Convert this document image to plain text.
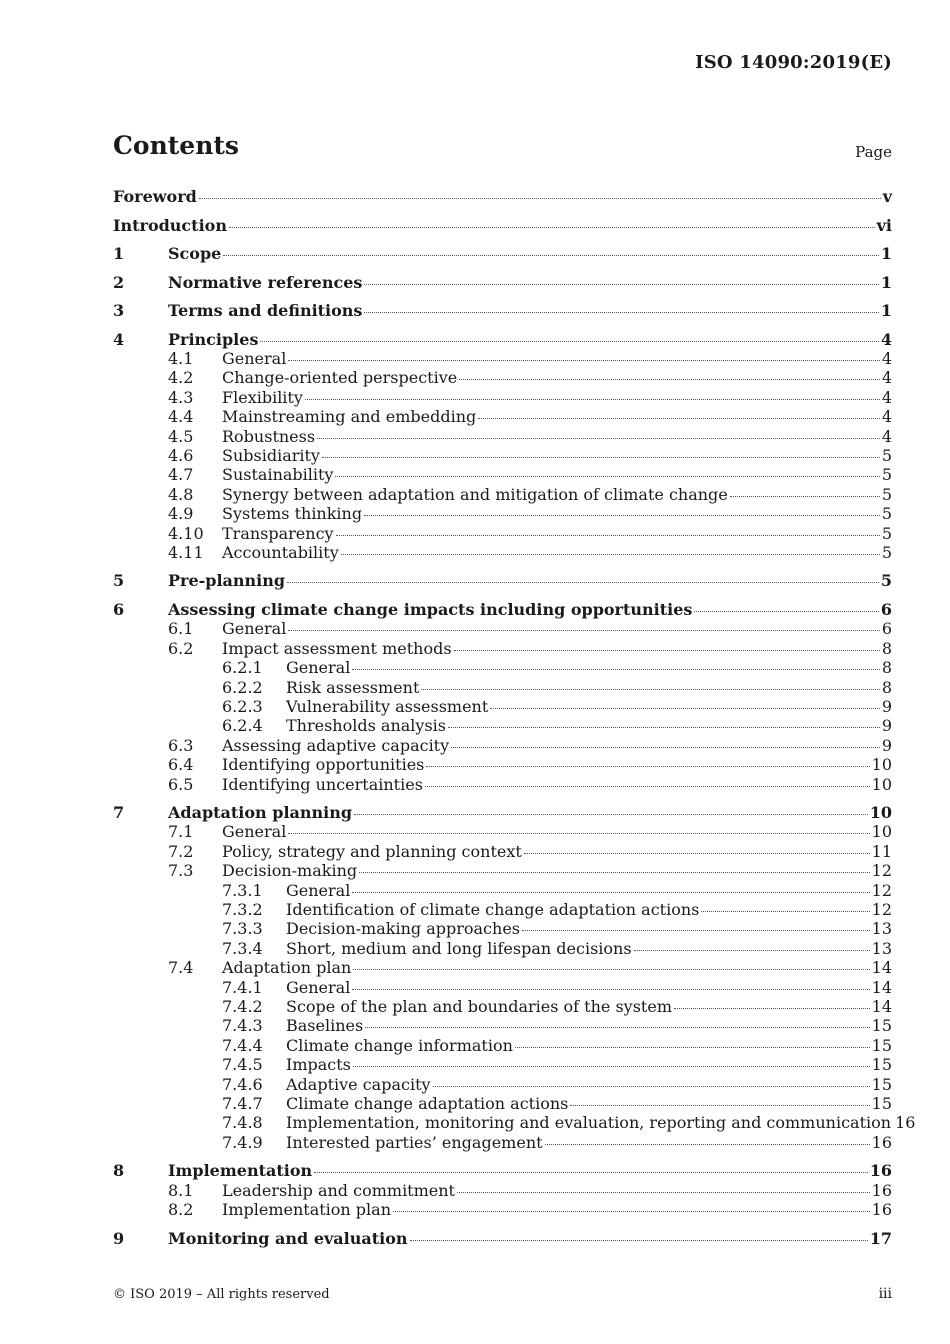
ISO 14090:2019(E)
Contents	Page
Foreword	v
Introduction	vi
1	Scope	1
2	Normative references	1
3	Terms and definitions	1
4	Principles	4
4.1 General	4
4.2 Change-oriented perspective	4
4.3 Flexibility	4
4.4 Mainstreaming and embedding	4
4.5 Robustness	4
4.6 Subsidiarity	5
4.7 Sustainability	5
4.8 Synergy between adaptation and mitigation of climate change	5
4.9 Systems thinking	5
4.10 Transparency	5
4.11 Accountability	5
5	Pre-planning	5
6	Assessing climate change impacts including opportunities	6
6.1 General	6
6.2 Impact assessment methods	8
6.2.1 General	8
6.2.2 Risk assessment	8
6.2.3 Vulnerability assessment	9
6.2.4 Thresholds analysis	9
6.3 Assessing adaptive capacity	9
6.4 Identifying opportunities	10
6.5 Identifying uncertainties	10
7	Adaptation planning	10
7.1 General	10
7.2 Policy, strategy and planning context	11
7.3 Decision-making	12
7.3.1 General	12
7.3.2 Identification of climate change adaptation actions	12
7.3.3 Decision-making approaches	13
7.3.4 Short, medium and long lifespan decisions	13
7.4 Adaptation plan	14
7.4.1 General	14
7.4.2 Scope of the plan and boundaries of the system	14
7.4.3 Baselines	15
7.4.4 Climate change information	15
7.4.5 Impacts	15
7.4.6 Adaptive capacity	15
7.4.7 Climate change adaptation actions	15
7.4.8 Implementation, monitoring and evaluation, reporting and communication 16
7.4.9 Interested parties’ engagement	16
8	Implementation	16
8.1 Leadership and commitment	16
8.2 Implementation plan	16
9	Monitoring and evaluation	17
© ISO 2019 – All rights reserved	iii
